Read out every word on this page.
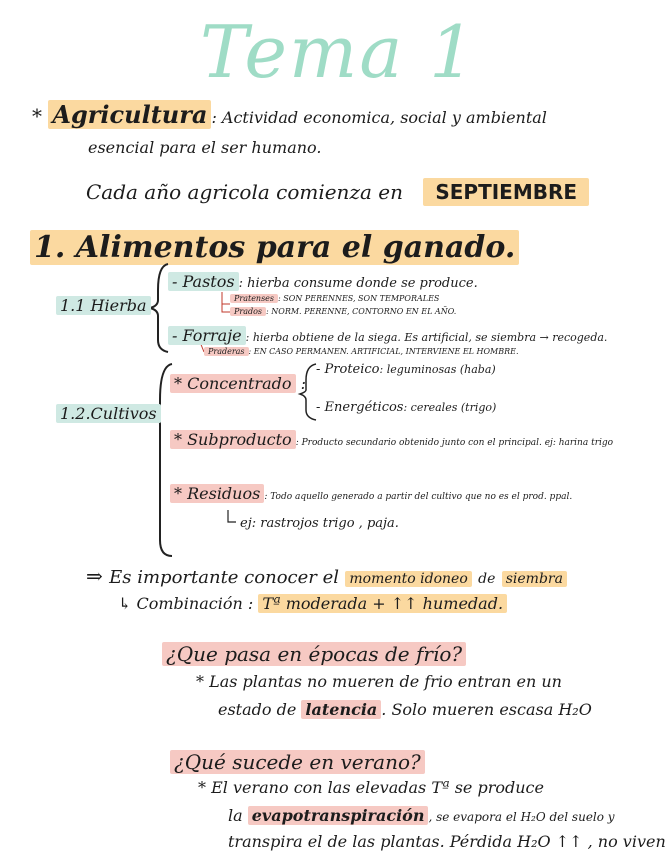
Tema 1
* Agricultura : Actividad economica, social y ambiental
esencial para el ser humano.
Cada año agricola comienza en SEPTIEMBRE
1. Alimentos para el ganado.
1.1 Hierba
- Pastos : hierba consume donde se produce.
Pratenses : SON PERENNES, SON TEMPORALES
Prados : NORM. PERENNE, CONTORNO EN EL AÑO.
- Forraje : hierba obtiene de la siega. Es artificial, se siembra → recogeda.
Praderas : EN CASO PERMANEN. ARTIFICIAL, INTERVIENE EL HOMBRE.
1.2.Cultivos
* Concentrado :
- Proteico: leguminosas (haba)
- Energéticos: cereales (trigo)
* Subproducto : Producto secundario obtenido junto con el principal. ej: harina trigo
* Residuos : Todo aquello generado a partir del cultivo que no es el prod. ppal.
ej: rastrojos trigo , paja.
⇒ Es importante conocer el momento idoneo de siembra
↳ Combinación : Tª moderada + ↑↑ humedad.
¿Que pasa en épocas de frío?
* Las plantas no mueren de frio entran en un
estado de latencia . Solo mueren escasa H₂O
¿Qué sucede en verano?
* El verano con las elevadas Tª se produce
la evapotranspiración , se evapora el H₂O del suelo y
transpira el de las plantas. Pérdida H₂O ↑↑ , no viven
